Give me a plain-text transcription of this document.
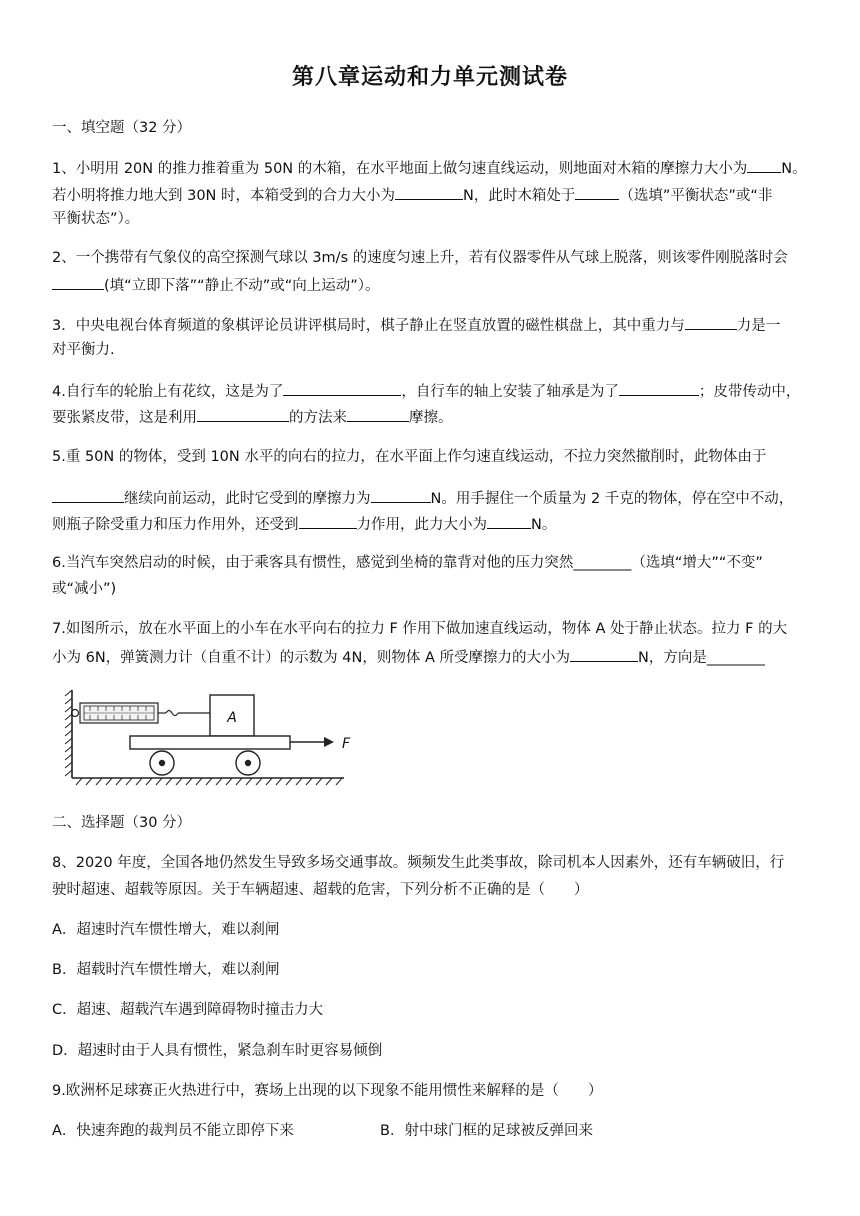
第八章运动和力单元测试卷
一、填空题（32 分）
1、小明用 20N 的推力推着重为 50N 的木箱，在水平地面上做匀速直线运动，则地面对木箱的摩擦力大小为 N。
若小明将推力地大到 30N 时，本箱受到的合力大小为	N，此时木箱处于	（选填”平衡状态”或“非
平衡状态”）。
2、一个携带有气象仪的高空探测气球以 3m/s 的速度匀速上升，若有仪器零件从气球上脱落，则该零件刚脱落时会
(填“立即下落”“静止不动”或“向上运动”）。
3．中央电视台体育频道的象棋评论员讲评棋局时，棋子静止在竖直放置的磁性棋盘上，其中重力与	力是一
对平衡力.
4.自行车的轮胎上有花纹，这是为了	，自行车的轴上安装了轴承是为了	；皮带传动中，
要张紧皮带，这是利用	的方法来	摩擦。
5.重 50N 的物体，受到 10N 水平的向右的拉力，在水平面上作匀速直线运动，不拉力突然撤削时，此物体由于
继续向前运动，此时它受到的摩擦力为	N。用手握住一个质量为 2 千克的物体，停在空中不动，
则瓶子除受重力和压力作用外，还受到	力作用，此力大小为	N。
6.当汽车突然启动的时候，由于乘客具有惯性，感觉到坐椅的靠背对他的压力突然________（选填“增大”“不变”
或“减小”)
7.如图所示，放在水平面上的小车在水平向右的拉力 F 作用下做加速直线运动，物体 A 处于静止状态。拉力 F 的大
小为 6N，弹簧测力计（自重不计）的示数为 4N，则物体 A 所受摩擦力的大小为	N，方向是________
A
F
二、选择题（30 分）
8、2020 年度，全国各地仍然发生导致多场交通事故。频频发生此类事故，除司机本人因素外，还有车辆破旧，行
驶时超速、超载等原因。关于车辆超速、超载的危害，下列分析不正确的是（　　）
A．超速时汽车惯性增大，难以刹闸
B．超载时汽车惯性增大，难以刹闸
C．超速、超载汽车遇到障碍物时撞击力大
D．超速时由于人具有惯性，紧急刹车时更容易倾倒
9.欧洲杯足球赛正火热进行中，赛场上出现的以下现象不能用惯性来解释的是（　　）
A．快速奔跑的裁判员不能立即停下来	B．射中球门框的足球被反弹回来
